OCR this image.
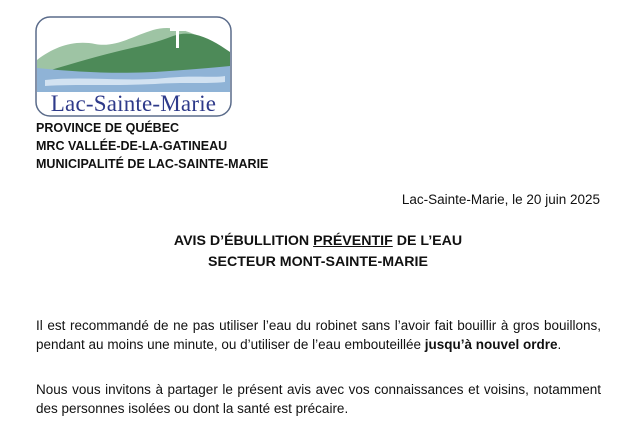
Lac-Sainte-Marie
PROVINCE DE QUÉBEC
MRC VALLÉE-DE-LA-GATINEAU
MUNICIPALITÉ DE LAC-SAINTE-MARIE
Lac-Sainte-Marie, le 20 juin 2025
AVIS D’ÉBULLITION PRÉVENTIF DE L’EAU
SECTEUR MONT-SAINTE-MARIE
Il est recommandé de ne pas utiliser l’eau du robinet sans l’avoir fait bouillir à gros bouillons, pendant au moins une minute, ou d’utiliser de l’eau embouteillée jusqu’à nouvel ordre.
Nous vous invitons à partager le présent avis avec vos connaissances et voisins, notamment des personnes isolées ou dont la santé est précaire.
